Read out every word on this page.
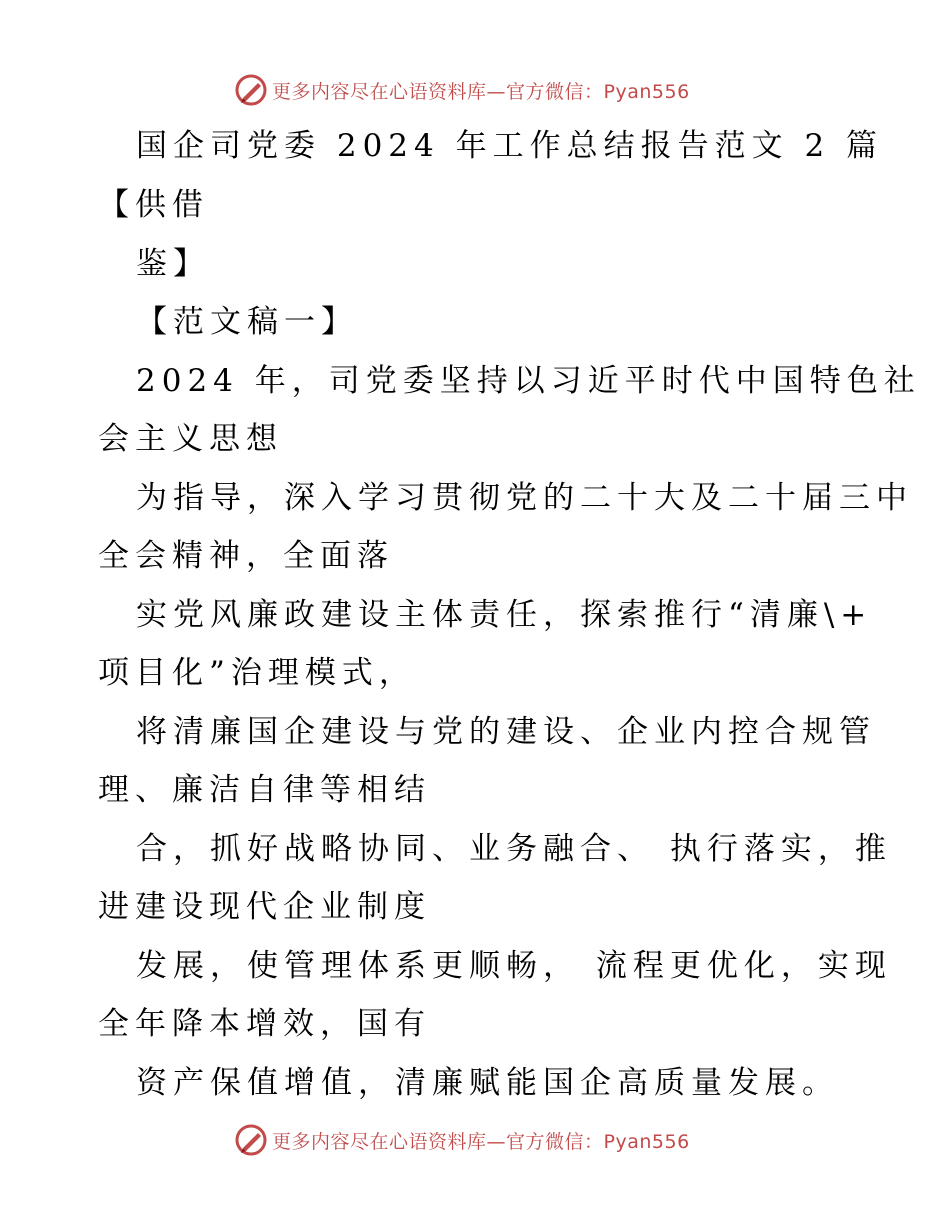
更多内容尽在心语资料库—官方微信：Pyan556
国企司党委 2024 年工作总结报告范文 2 篇
【供借
鉴】
【范文稿一】
2024 年，司党委坚持以习近平时代中国特色社
会主义思想
为指导，深入学习贯彻党的二十大及二十届三中
全会精神，全面落
实党风廉政建设主体责任，探索推行“清廉\+
项目化”治理模式，
将清廉国企建设与党的建设、企业内控合规管
理、廉洁自律等相结
合，抓好战略协同、业务融合、 执行落实，推
进建设现代企业制度
发展，使管理体系更顺畅， 流程更优化，实现
全年降本增效，国有
资产保值增值，清廉赋能国企高质量发展。
更多内容尽在心语资料库—官方微信：Pyan556
